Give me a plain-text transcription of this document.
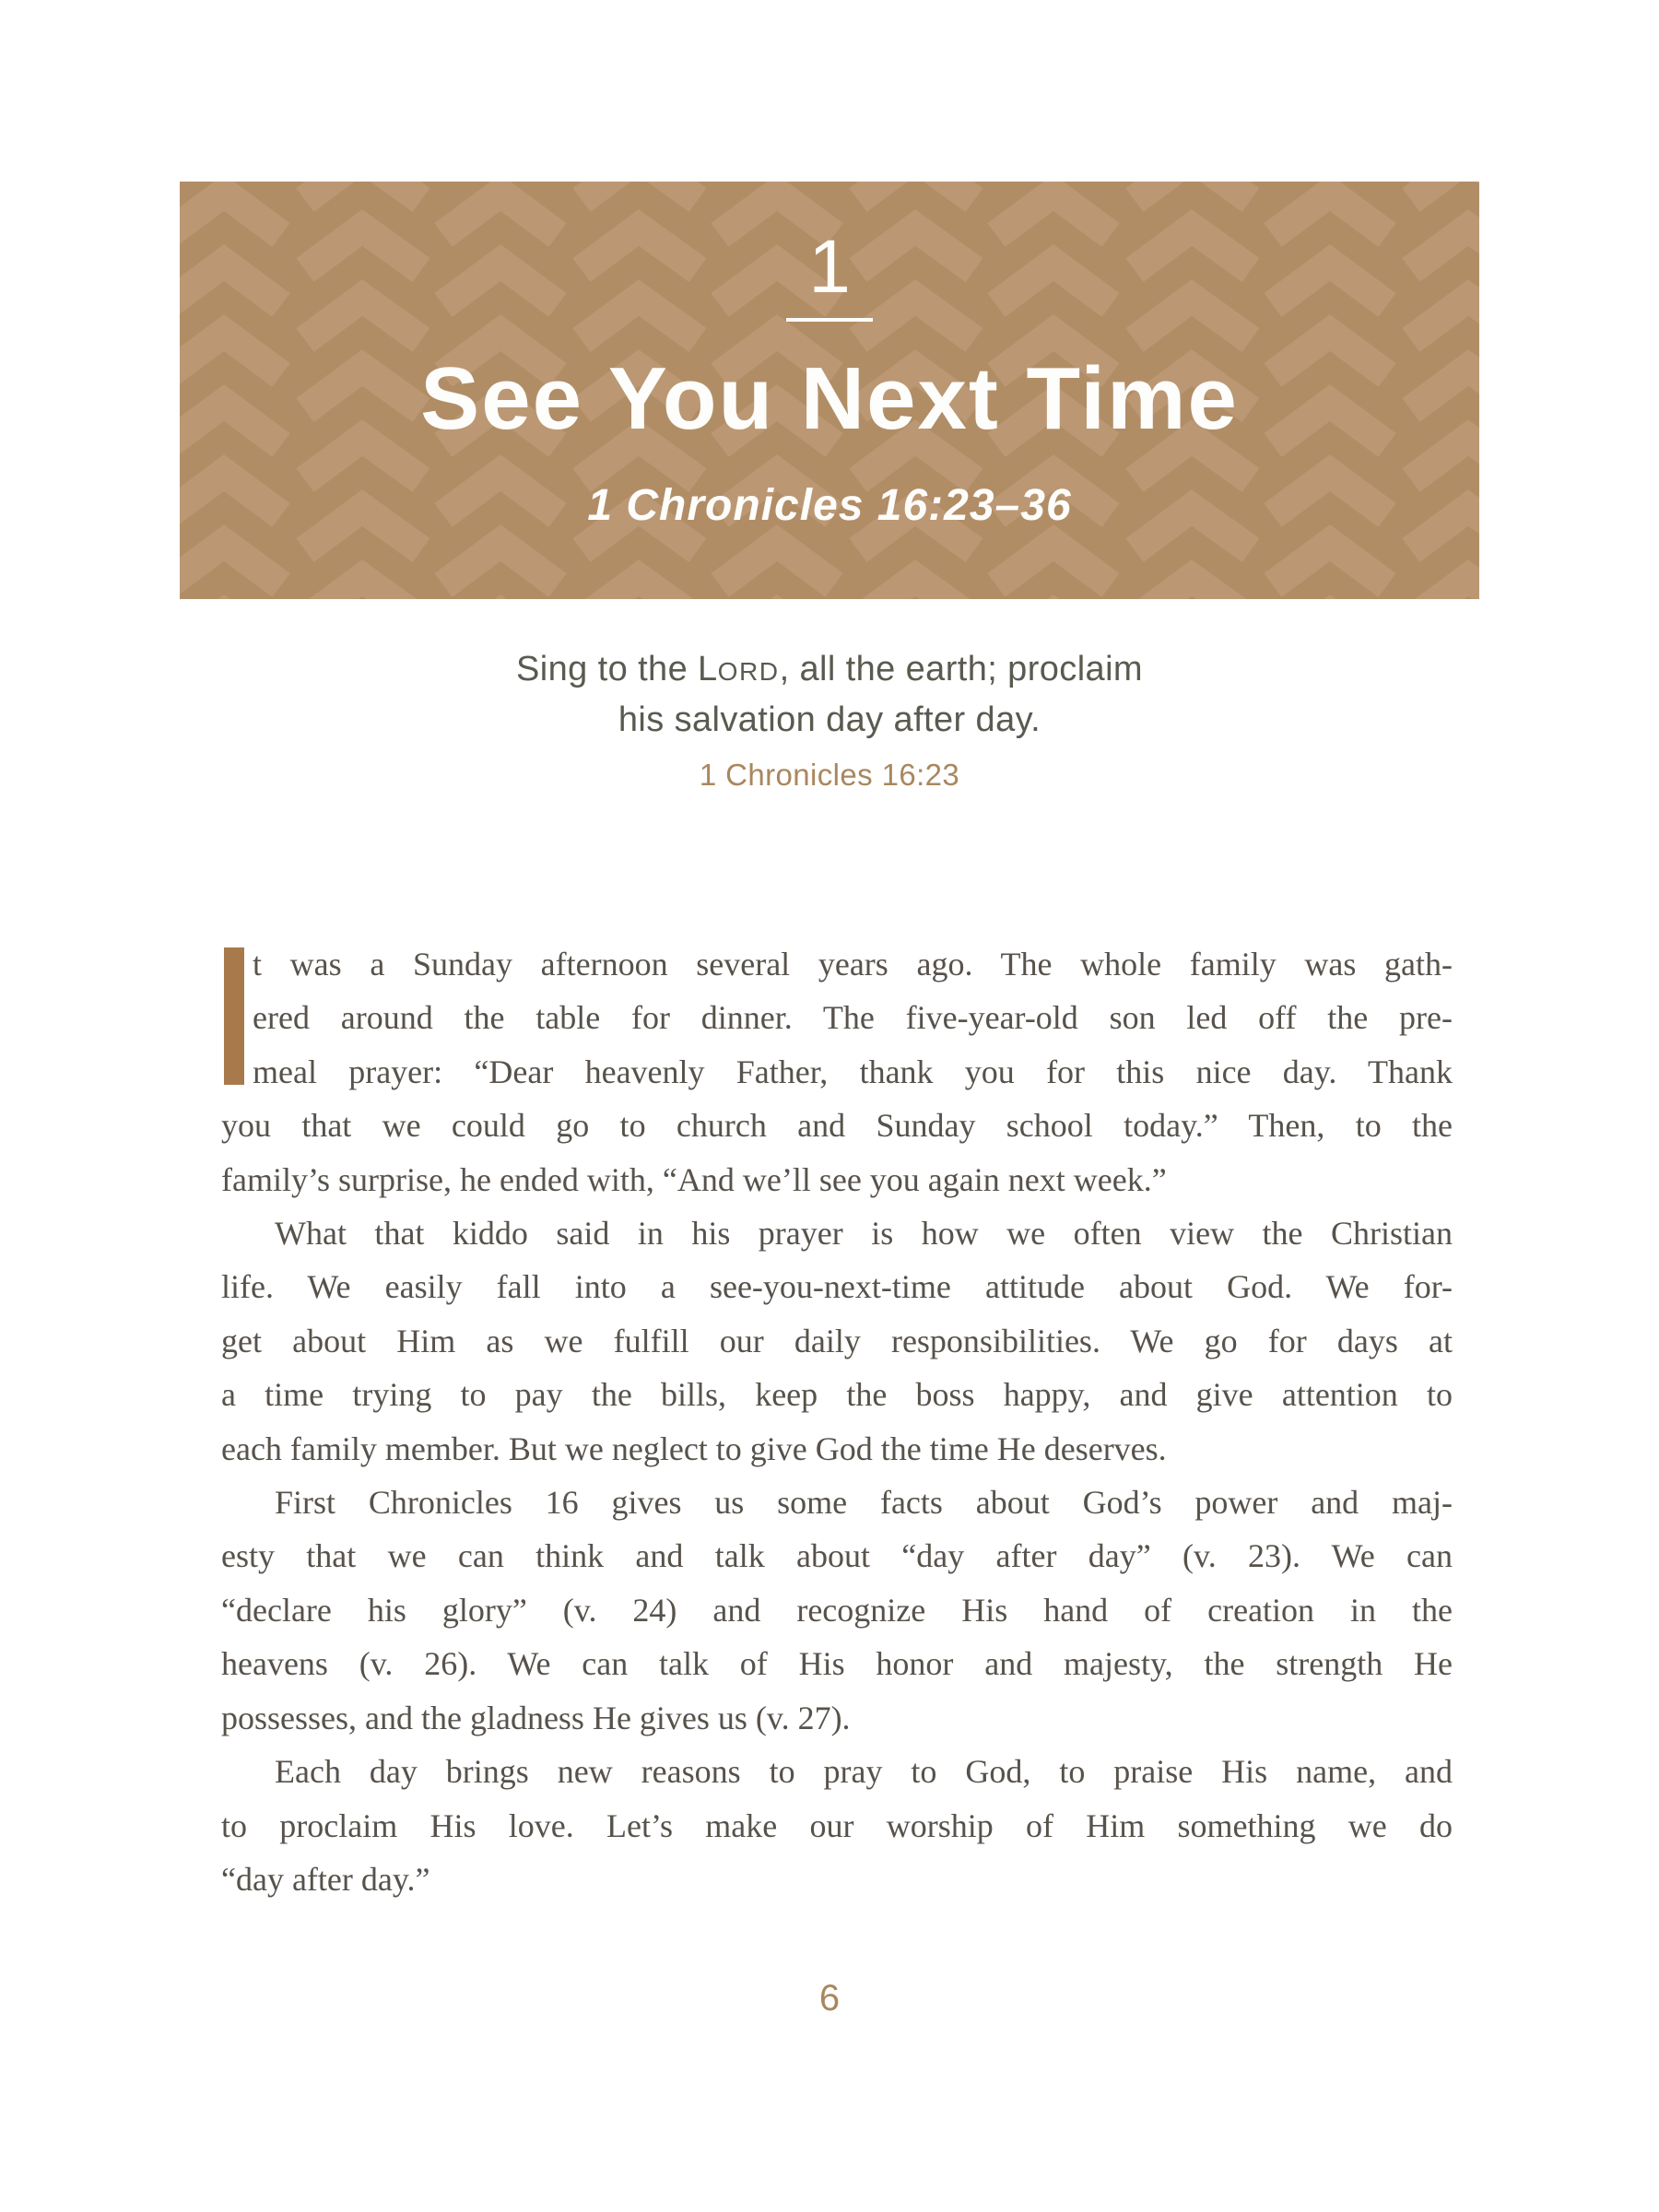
1
See You Next Time
1 Chronicles 16:23–36
Sing to the LORD, all the earth; proclaim
his salvation day after day.
1 Chronicles 16:23
t was a Sunday afternoon several years ago. The whole family was gath-
ered around the table for dinner. The five-year-old son led off the pre-
meal prayer: “Dear heavenly Father, thank you for this nice day. Thank
you that we could go to church and Sunday school today.” Then, to the
family’s surprise, he ended with, “And we’ll see you again next week.”
What that kiddo said in his prayer is how we often view the Christian
life. We easily fall into a see-you-next-time attitude about God. We for-
get about Him as we fulfill our daily responsibilities. We go for days at
a time trying to pay the bills, keep the boss happy, and give attention to
each family member. But we neglect to give God the time He deserves.
First Chronicles 16 gives us some facts about God’s power and maj-
esty that we can think and talk about “day after day” (v. 23). We can
“declare his glory” (v. 24) and recognize His hand of creation in the
heavens (v. 26). We can talk of His honor and majesty, the strength He
possesses, and the gladness He gives us (v. 27).
Each day brings new reasons to pray to God, to praise His name, and
to proclaim His love. Let’s make our worship of Him something we do
“day after day.”
6
